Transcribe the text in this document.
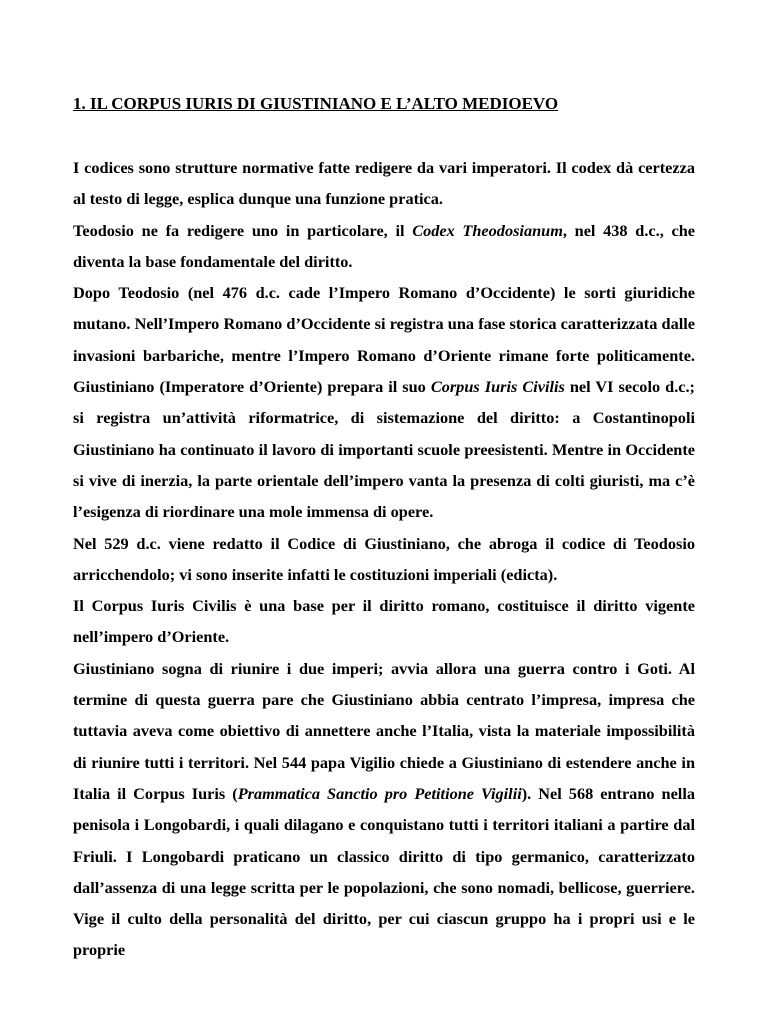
1. IL CORPUS IURIS DI GIUSTINIANO E L’ALTO MEDIOEVO

I codices sono strutture normative fatte redigere da vari imperatori. Il codex dà certezza al testo di legge, esplica dunque una funzione pratica.

Teodosio ne fa redigere uno in particolare, il Codex Theodosianum, nel 438 d.c., che diventa la base fondamentale del diritto.

Dopo Teodosio (nel 476 d.c. cade l’Impero Romano d’Occidente) le sorti giuridiche mutano. Nell’Impero Romano d’Occidente si registra una fase storica caratterizzata dalle invasioni barbariche, mentre l’Impero Romano d’Oriente rimane forte politicamente. Giustiniano (Imperatore d’Oriente) prepara il suo Corpus Iuris Civilis nel VI secolo d.c.; si registra un’attività riformatrice, di sistemazione del diritto: a Costantinopoli Giustiniano ha continuato il lavoro di importanti scuole preesistenti. Mentre in Occidente si vive di inerzia, la parte orientale dell’impero vanta la presenza di colti giuristi, ma c’è l’esigenza di riordinare una mole immensa di opere.

Nel 529 d.c. viene redatto il Codice di Giustiniano, che abroga il codice di Teodosio arricchendolo; vi sono inserite infatti le costituzioni imperiali (edicta).

Il Corpus Iuris Civilis è una base per il diritto romano, costituisce il diritto vigente nell’impero d’Oriente.

Giustiniano sogna di riunire i due imperi; avvia allora una guerra contro i Goti. Al termine di questa guerra pare che Giustiniano abbia centrato l’impresa, impresa che tuttavia aveva come obiettivo di annettere anche l’Italia, vista la materiale impossibilità di riunire tutti i territori. Nel 544 papa Vigilio chiede a Giustiniano di estendere anche in Italia il Corpus Iuris (Prammatica Sanctio pro Petitione Vigilii). Nel 568 entrano nella penisola i Longobardi, i quali dilagano e conquistano tutti i territori italiani a partire dal Friuli. I Longobardi praticano un classico diritto di tipo germanico, caratterizzato dall’assenza di una legge scritta per le popolazioni, che sono nomadi, bellicose, guerriere. Vige il culto della personalità del diritto, per cui ciascun gruppo ha i propri usi e le proprie
